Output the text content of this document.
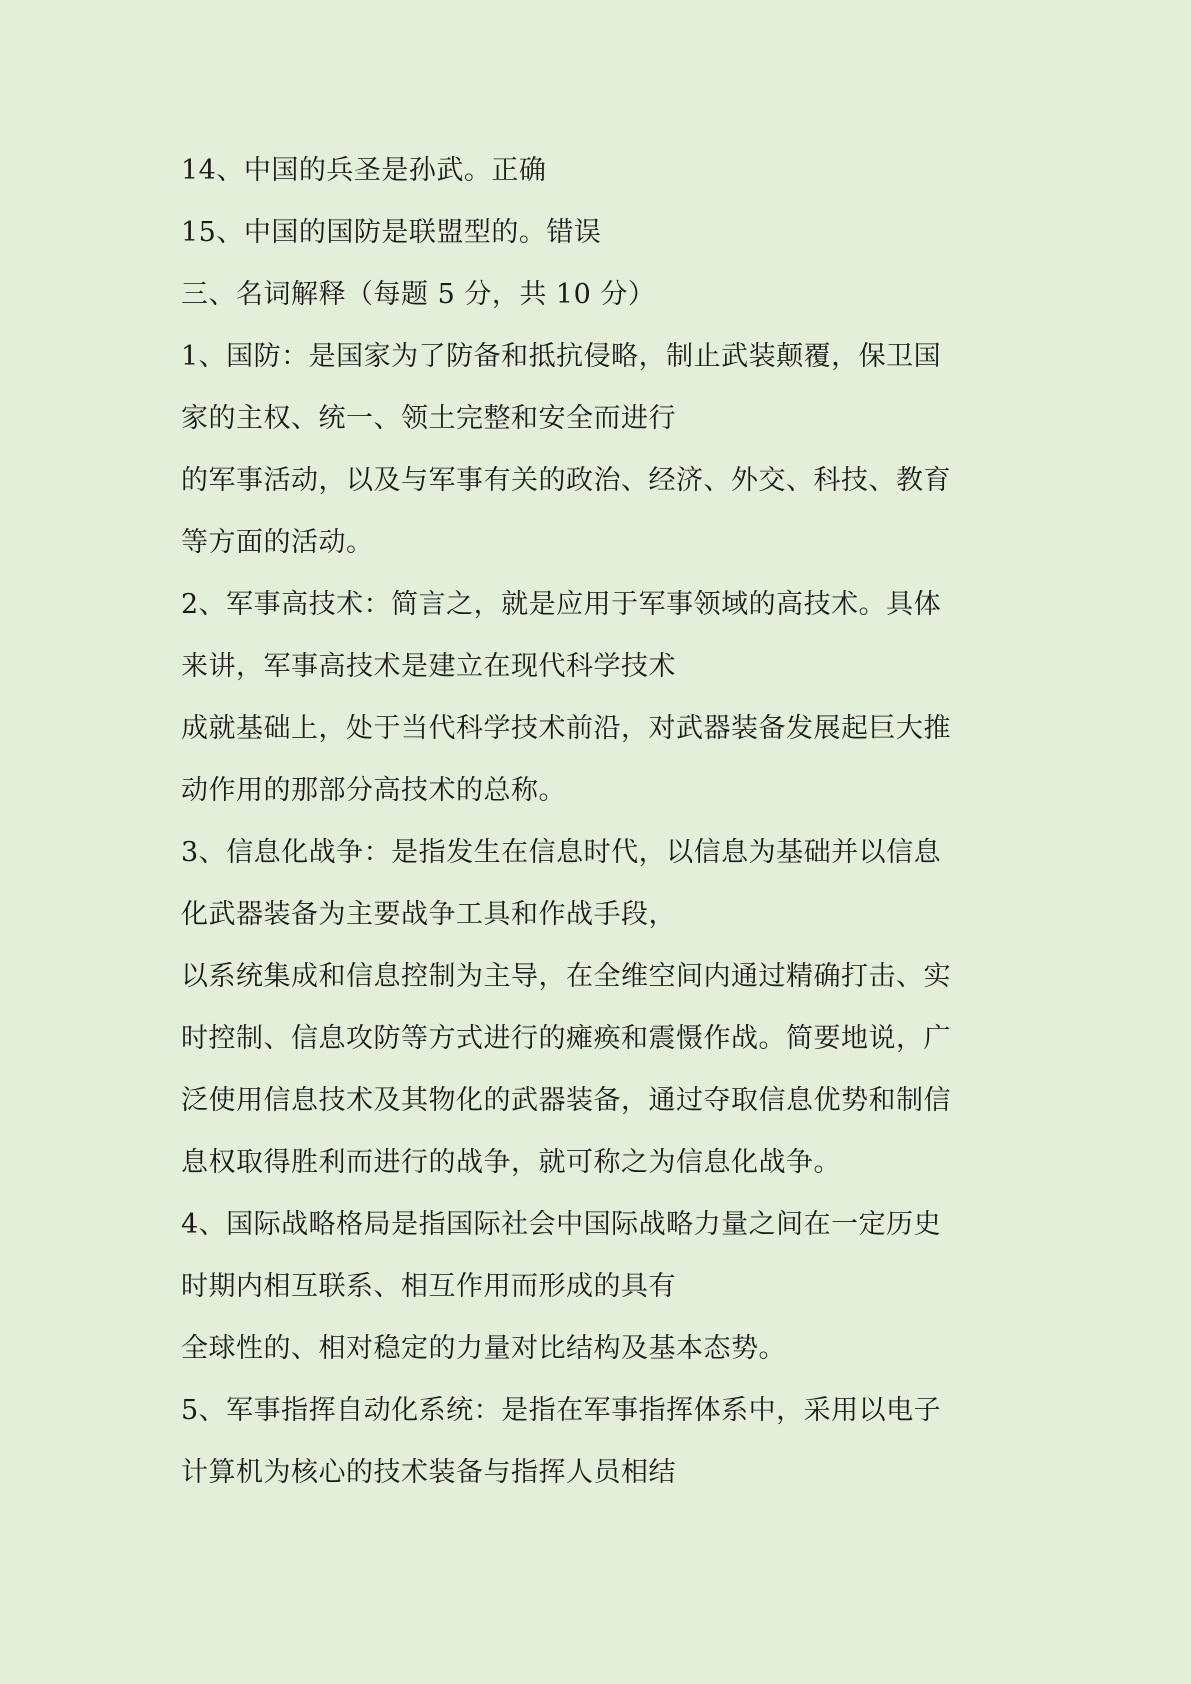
14、中国的兵圣是孙武。正确
15、中国的国防是联盟型的。错误
三、名词解释（每题 5 分，共 10 分）
1、国防：是国家为了防备和抵抗侵略，制止武装颠覆，保卫国
家的主权、统一、领土完整和安全而进行
的军事活动，以及与军事有关的政治、经济、外交、科技、教育
等方面的活动。
2、军事高技术：简言之，就是应用于军事领域的高技术。具体
来讲，军事高技术是建立在现代科学技术
成就基础上，处于当代科学技术前沿，对武器装备发展起巨大推
动作用的那部分高技术的总称。
3、信息化战争：是指发生在信息时代，以信息为基础并以信息
化武器装备为主要战争工具和作战手段，
以系统集成和信息控制为主导，在全维空间内通过精确打击、实
时控制、信息攻防等方式进行的瘫痪和震慑作战。简要地说，广
泛使用信息技术及其物化的武器装备，通过夺取信息优势和制信
息权取得胜利而进行的战争，就可称之为信息化战争。
4、国际战略格局是指国际社会中国际战略力量之间在一定历史
时期内相互联系、相互作用而形成的具有
全球性的、相对稳定的力量对比结构及基本态势。
5、军事指挥自动化系统：是指在军事指挥体系中，采用以电子
计算机为核心的技术装备与指挥人员相结
